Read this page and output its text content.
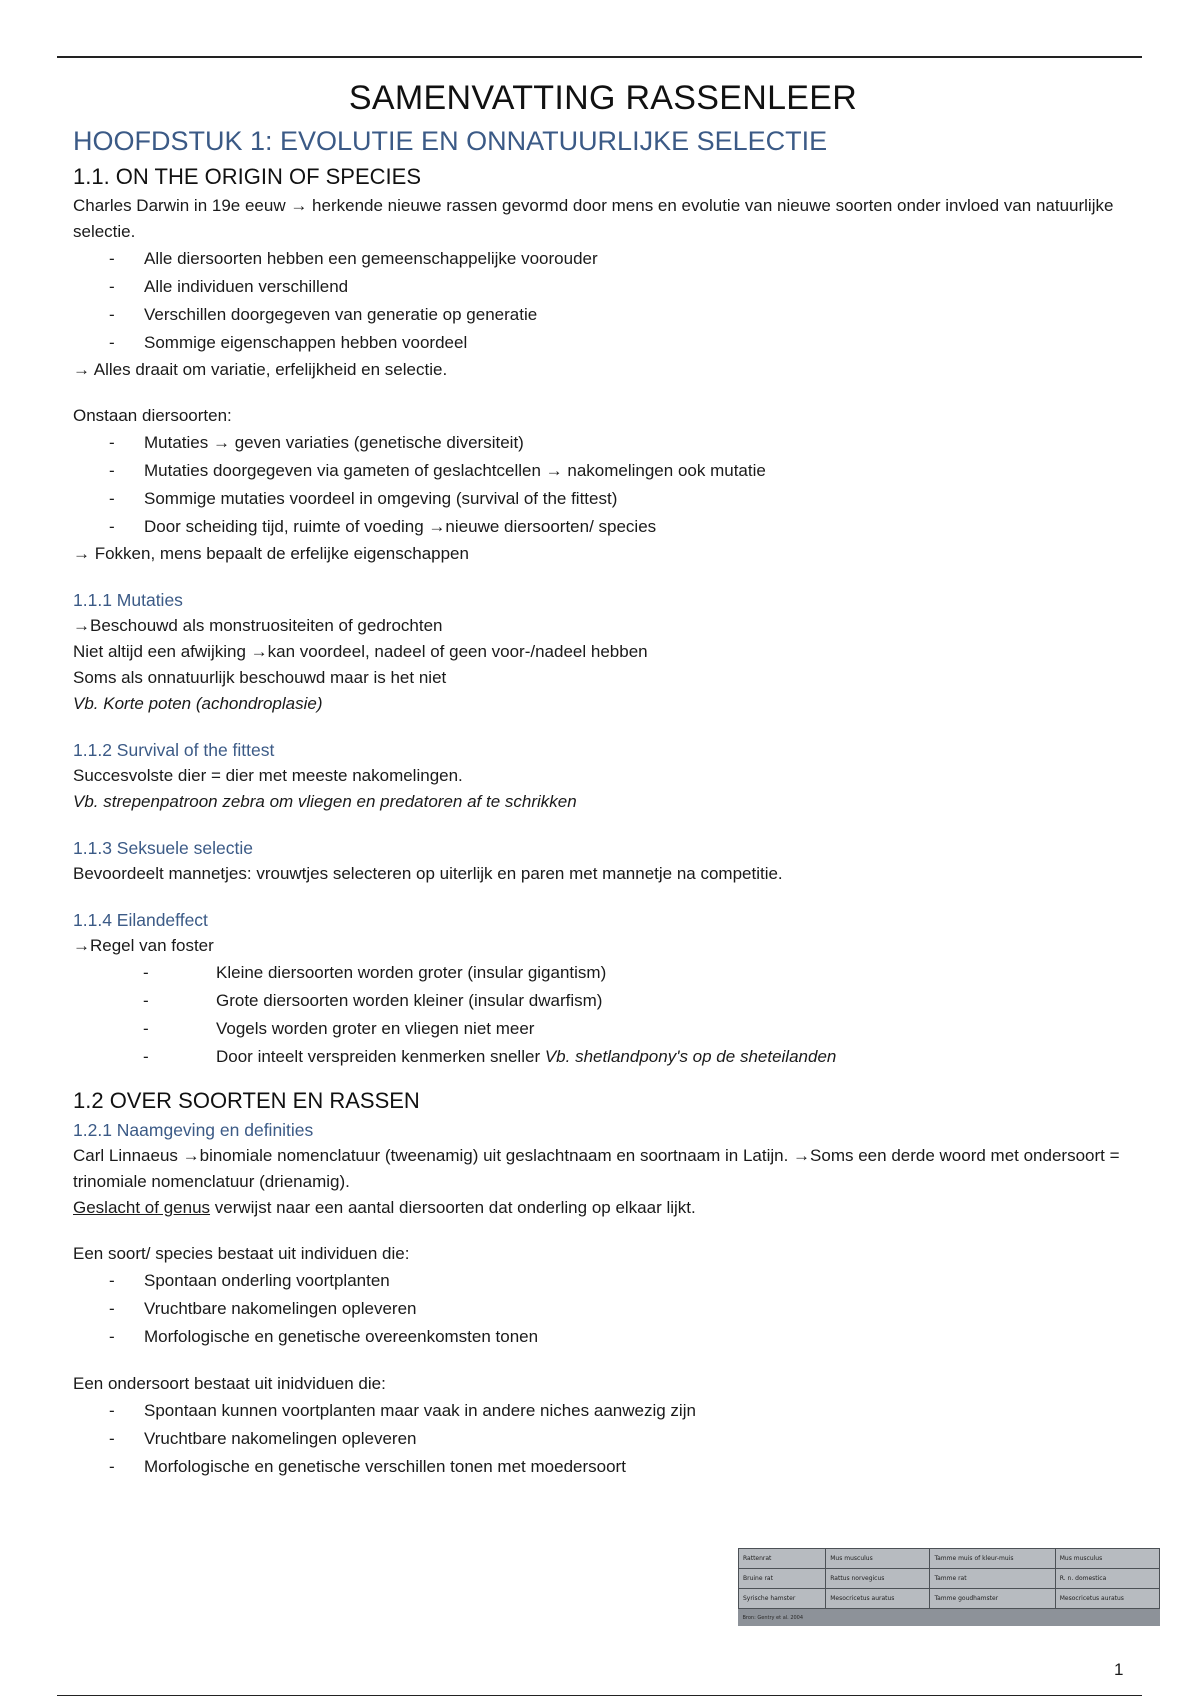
SAMENVATTING RASSENLEER
HOOFDSTUK 1: EVOLUTIE EN ONNATUURLIJKE SELECTIE
1.1. ON THE ORIGIN OF SPECIES

Charles Darwin in 19e eeuw → herkende nieuwe rassen gevormd door mens en evolutie van nieuwe soorten onder invloed van natuurlijke selectie.

- Alle diersoorten hebben een gemeenschappelijke voorouder
- Alle individuen verschillend
- Verschillen doorgegeven van generatie op generatie
- Sommige eigenschappen hebben voordeel

→ Alles draait om variatie, erfelijkheid en selectie.

Onstaan diersoorten:

- Mutaties → geven variaties (genetische diversiteit)
- Mutaties doorgegeven via gameten of geslachtcellen → nakomelingen ook mutatie
- Sommige mutaties voordeel in omgeving (survival of the fittest)
- Door scheiding tijd, ruimte of voeding →nieuwe diersoorten/ species

→ Fokken, mens bepaalt de erfelijke eigenschappen

1.1.1 Mutaties

→Beschouwd als monstruositeiten of gedrochten

Niet altijd een afwijking →kan voordeel, nadeel of geen voor-/nadeel hebben

Soms als onnatuurlijk beschouwd maar is het niet

Vb. Korte poten (achondroplasie)

1.1.2 Survival of the fittest

Succesvolste dier = dier met meeste nakomelingen.

Vb. strepenpatroon zebra om vliegen en predatoren af te schrikken

1.1.3 Seksuele selectie

Bevoordeelt mannetjes: vrouwtjes selecteren op uiterlijk en paren met mannetje na competitie.

1.1.4 Eilandeffect

→Regel van foster

-	Kleine diersoorten worden groter (insular gigantism)
-	Grote diersoorten worden kleiner (insular dwarfism)
-	Vogels worden groter en vliegen niet meer
-	Door inteelt verspreiden kenmerken sneller Vb. shetlandpony's op de sheteilanden
1.2 OVER SOORTEN EN RASSEN
1.2.1 Naamgeving en definities

Carl Linnaeus →binomiale nomenclatuur (tweenamig) uit geslachtnaam en soortnaam in Latijn. →Soms een derde woord met ondersoort = trinomiale nomenclatuur (drienamig).

Geslacht of genus verwijst naar een aantal diersoorten dat onderling op elkaar lijkt.

Een soort/ species bestaat uit individuen die:

- Spontaan onderling voortplanten
- Vruchtbare nakomelingen opleveren
- Morfologische en genetische overeenkomsten tonen

Een ondersoort bestaat uit inidviduen die:

- Spontaan kunnen voortplanten maar vaak in andere niches aanwezig zijn
- Vruchtbare nakomelingen opleveren
- Morfologische en genetische verschillen tonen met moedersoort
Rattenrat	Mus musculus	Tamme muis of kleur-muis	Mus musculus
Bruine rat	Rattus norvegicus	Tamme rat	R. n. domestica
Syrische hamster	Mesocricetus auratus	Tamme goudhamster	Mesocricetus auratus
Bron: Gentry et al. 2004			
1
